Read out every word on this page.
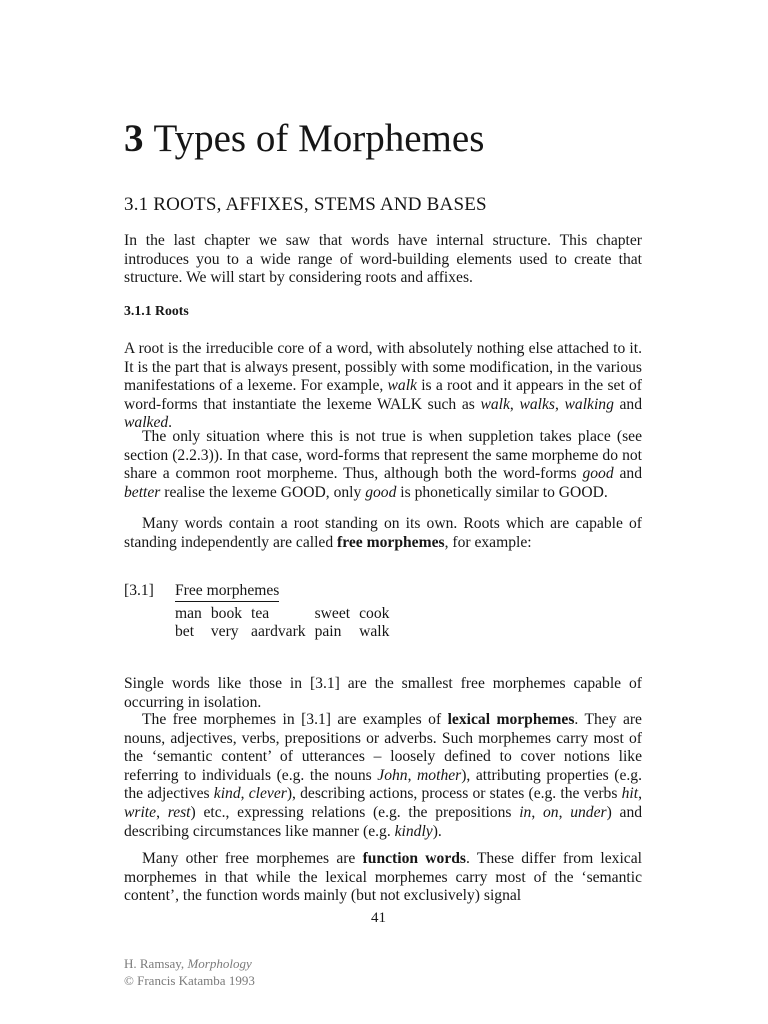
3 Types of Morphemes
3.1 ROOTS, AFFIXES, STEMS AND BASES

In the last chapter we saw that words have internal structure. This chapter introduces you to a wide range of word-building elements used to create that structure. We will start by considering roots and affixes.

3.1.1 Roots

A root is the irreducible core of a word, with absolutely nothing else attached to it. It is the part that is always present, possibly with some modification, in the various manifestations of a lexeme. For example, walk is a root and it appears in the set of word-forms that instantiate the lexeme WALK such as walk, walks, walking and walked.

The only situation where this is not true is when suppletion takes place (see section (2.2.3)). In that case, word-forms that represent the same morpheme do not share a common root morpheme. Thus, although both the word-forms good and better realise the lexeme GOOD, only good is phonetically similar to GOOD.

Many words contain a root standing on its own. Roots which are capable of standing independently are called free morphemes, for example:

[3.1] Free morphemes
man	book	tea	sweet	cook
bet	very	aardvark	pain	walk

Single words like those in [3.1] are the smallest free morphemes capable of occurring in isolation.

The free morphemes in [3.1] are examples of lexical morphemes. They are nouns, adjectives, verbs, prepositions or adverbs. Such morphemes carry most of the ‘semantic content’ of utterances – loosely defined to cover notions like referring to individuals (e.g. the nouns John, mother), attributing properties (e.g. the adjectives kind, clever), describing actions, process or states (e.g. the verbs hit, write, rest) etc., expressing relations (e.g. the prepositions in, on, under) and describing circumstances like manner (e.g. kindly).

Many other free morphemes are function words. These differ from lexical morphemes in that while the lexical morphemes carry most of the ‘semantic content’, the function words mainly (but not exclusively) signal

41
H. Ramsay, Morphology
© Francis Katamba 1993
